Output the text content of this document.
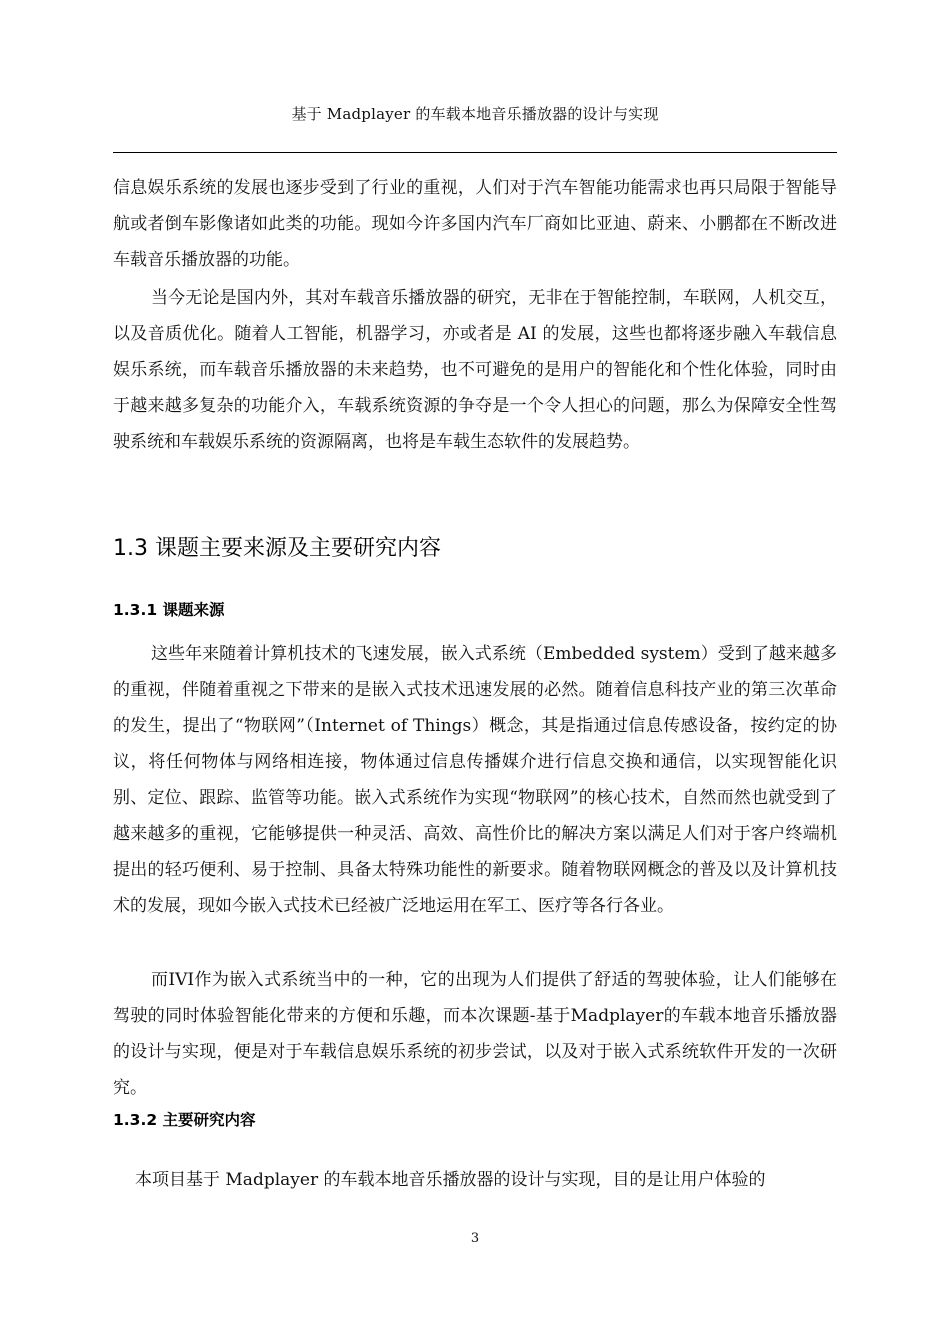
基于 Madplayer 的车载本地音乐播放器的设计与实现

信息娱乐系统的发展也逐步受到了行业的重视，人们对于汽车智能功能需求也再只局限于智能导航或者倒车影像诸如此类的功能。现如今许多国内汽车厂商如比亚迪、蔚来、小鹏都在不断改进车载音乐播放器的功能。

当今无论是国内外，其对车载音乐播放器的研究，无非在于智能控制，车联网，人机交互，以及音质优化。随着人工智能，机器学习，亦或者是 AI 的发展，这些也都将逐步融入车载信息娱乐系统，而车载音乐播放器的未来趋势，也不可避免的是用户的智能化和个性化体验，同时由于越来越多复杂的功能介入，车载系统资源的争夺是一个令人担心的问题，那么为保障安全性驾驶系统和车载娱乐系统的资源隔离，也将是车载生态软件的发展趋势。

1.3 课题主要来源及主要研究内容
1.3.1 课题来源

这些年来随着计算机技术的飞速发展，嵌入式系统（Embedded system）受到了越来越多的重视，伴随着重视之下带来的是嵌入式技术迅速发展的必然。随着信息科技产业的第三次革命的发生，提出了“物联网”（Internet of Things）概念，其是指通过信息传感设备，按约定的协议，将任何物体与网络相连接，物体通过信息传播媒介进行信息交换和通信，以实现智能化识别、定位、跟踪、监管等功能。嵌入式系统作为实现“物联网”的核心技术，自然而然也就受到了越来越多的重视，它能够提供一种灵活、高效、高性价比的解决方案以满足人们对于客户终端机提出的轻巧便利、易于控制、具备太特殊功能性的新要求。随着物联网概念的普及以及计算机技术的发展，现如今嵌入式技术已经被广泛地运用在军工、医疗等各行各业。

而IVI作为嵌入式系统当中的一种，它的出现为人们提供了舒适的驾驶体验，让人们能够在驾驶的同时体验智能化带来的方便和乐趣，而本次课题-基于Madplayer的车载本地音乐播放器的设计与实现，便是对于车载信息娱乐系统的初步尝试，以及对于嵌入式系统软件开发的一次研究。

1.3.2 主要研究内容

本项目基于 Madplayer 的车载本地音乐播放器的设计与实现，目的是让用户体验的

3
